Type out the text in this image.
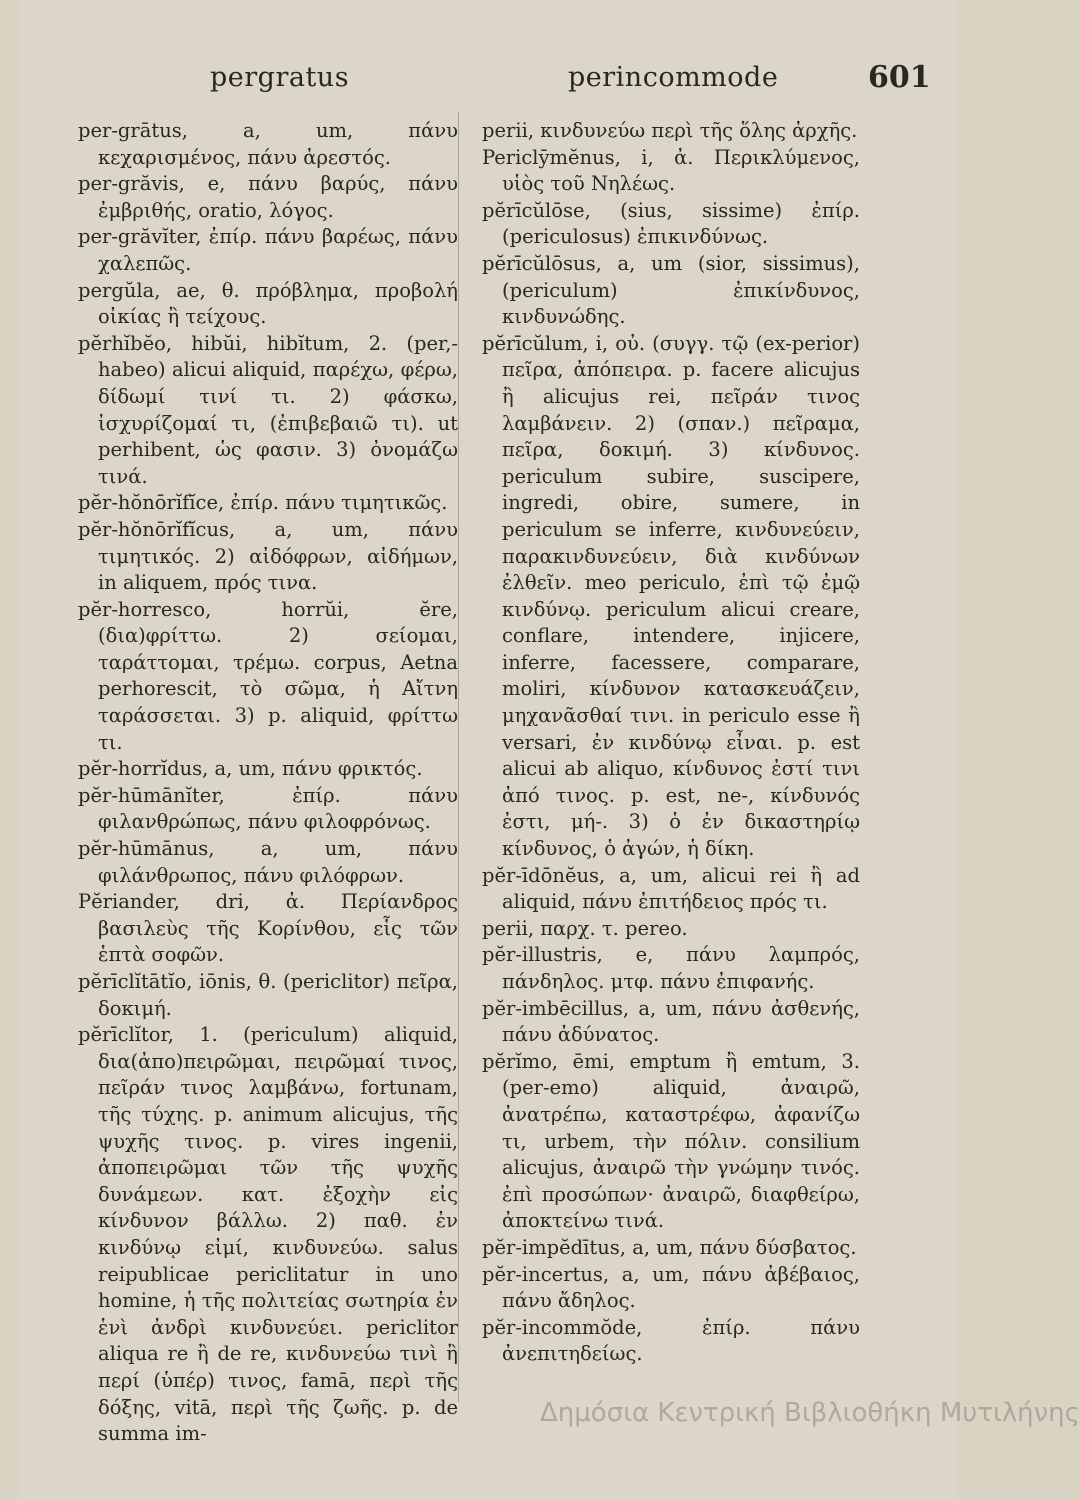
pergratus	perincommode	601

per-grātus, a, um, πάνυ κεχαρισμένος, πάνυ ἀρεστός.

per-grăvis, e, πάνυ βαρύς, πάνυ ἐμβριθής, oratio, λόγος.

per-grăvĭter, ἐπίρ. πάνυ βαρέως, πάνυ χαλεπῶς.

pergŭla, ae, θ. πρόβλημα, προβολή οἰκίας ἢ τείχους.

pĕrhĭbĕo, hibŭi, hibĭtum, 2. (per,-habeo) alicui aliquid, παρέχω, φέρω, δίδωμί τινί τι. 2) φάσκω, ἰσχυρίζομαί τι, (ἐπιβεβαιῶ τι). ut perhibent, ὡς φασιν. 3) ὀνομάζω τινά.

pĕr-hŏnōrĭfĭce, ἐπίρ. πάνυ τιμητικῶς.

pĕr-hŏnōrĭfĭcus, a, um, πάνυ τιμητικός. 2) αἰδόφρων, αἰδήμων, in aliquem, πρός τινα.

pĕr-horresco, horrŭi, ĕre, (δια)φρίττω. 2) σείομαι, ταράττομαι, τρέμω. corpus, Aetna perhorescit, τὸ σῶμα, ἡ Αἴτνη ταράσσεται. 3) p. aliquid, φρίττω τι.

pĕr-horrĭdus, a, um, πάνυ φρικτός.

pĕr-hūmānĭter, ἐπίρ. πάνυ φιλανθρώπως, πάνυ φιλοφρόνως.

pĕr-hūmānus, a, um, πάνυ φιλάνθρωπος, πάνυ φιλόφρων.

Pĕriander, dri, ἀ. Περίανδρος βασιλεὺς τῆς Κορίνθου, εἷς τῶν ἑπτὰ σοφῶν.

pĕrīclĭtātĭo, iōnis, θ. (periclitor) πεῖρα, δοκιμή.

pĕrīclĭtor, 1. (periculum) aliquid, δια(ἀπο)πειρῶμαι, πειρῶμαί τινος, πεῖράν τινος λαμβάνω, fortunam, τῆς τύχης. p. animum alicujus, τῆς ψυχῆς τινος. p. vires ingenii, ἀποπειρῶμαι τῶν τῆς ψυχῆς δυνάμεων. κατ. ἐξοχὴν εἰς κίνδυνον βάλλω. 2) παθ. ἐν κινδύνῳ εἰμί, κινδυνεύω. salus reipublicae periclitatur in uno homine, ἡ τῆς πολιτείας σωτηρία ἐν ἑνὶ ἀνδρὶ κινδυνεύει. periclitor aliqua re ἢ de re, κινδυνεύω τινὶ ἢ περί (ὑπέρ) τινος, famā, περὶ τῆς δόξης, vitā, περὶ τῆς ζωῆς. p. de summa im-

perii, κινδυνεύω περὶ τῆς ὅλης ἀρχῆς.

Periclȳmĕnus, i, ἀ. Περικλύμενος, υἱὸς τοῦ Νηλέως.

pĕrīcŭlōse, (sius, sissime) ἐπίρ. (periculosus) ἐπικινδύνως.

pĕrīcŭlōsus, a, um (sior, sissimus), (periculum) ἐπικίνδυνος, κινδυνώδης.

pĕrīcŭlum, i, οὐ. (συγγ. τῷ (ex-perior) πεῖρα, ἀπόπειρα. p. facere alicujus ἢ alicujus rei, πεῖράν τινος λαμβάνειν. 2) (σπαν.) πεῖραμα, πεῖρα, δοκιμή. 3) κίνδυνος. periculum subire, suscipere, ingredi, obire, sumere, in periculum se inferre, κινδυνεύειν, παρακινδυνεύειν, διὰ κινδύνων ἐλθεῖν. meo periculo, ἐπὶ τῷ ἐμῷ κινδύνῳ. periculum alicui creare, conflare, intendere, injicere, inferre, facessere, comparare, moliri, κίνδυνον κατασκευάζειν, μηχανᾶσθαί τινι. in periculo esse ἢ versari, ἐν κινδύνῳ εἶναι. p. est alicui ab aliquo, κίνδυνος ἐστί τινι ἀπό τινος. p. est, ne-, κίνδυνός ἐστι, μή-. 3) ὁ ἐν δικαστηρίῳ κίνδυνος, ὁ ἀγών, ἡ δίκη.

pĕr-īdōnĕus, a, um, alicui rei ἢ ad aliquid, πάνυ ἐπιτήδειος πρός τι.

perii, παρχ. τ. pereo.

pĕr-illustris, e, πάνυ λαμπρός, πάνδηλος. μτφ. πάνυ ἐπιφανής.

pĕr-imbēcillus, a, um, πάνυ ἀσθενής, πάνυ ἀδύνατος.

pĕrĭmo, ēmi, emptum ἢ emtum, 3. (per-emo) aliquid, ἀναιρῶ, ἀνατρέπω, καταστρέφω, ἀφανίζω τι, urbem, τὴν πόλιν. consilium alicujus, ἀναιρῶ τὴν γνώμην τινός. ἐπὶ προσώπων· ἀναιρῶ, διαφθείρω, ἀποκτείνω τινά.

pĕr-impĕdītus, a, um, πάνυ δύσβατος.

pĕr-incertus, a, um, πάνυ ἀβέβαιος, πάνυ ἄδηλος.

pĕr-incommŏde, ἐπίρ. πάνυ ἀνεπιτηδείως.

Δημόσια Κεντρική Βιβλιοθήκη Μυτιλήνης
